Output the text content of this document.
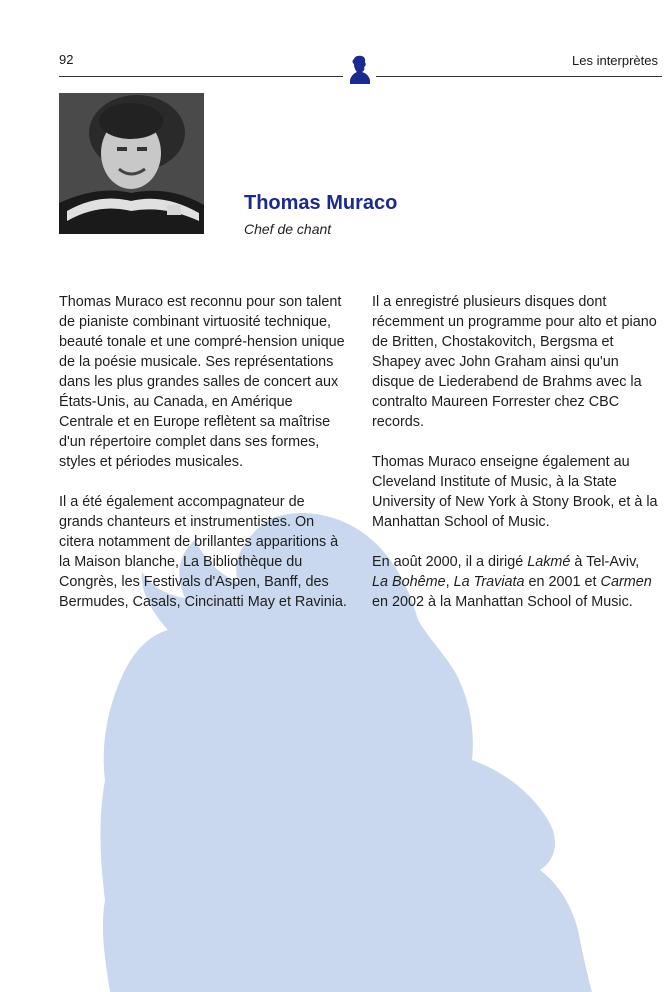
92	Les interprètes
Thomas Muraco

Chef de chant

Thomas Muraco est reconnu pour son talent de pianiste combinant virtuosité technique, beauté tonale et une compré-hension unique de la poésie musicale. Ses représentations dans les plus grandes salles de concert aux États-Unis, au Canada, en Amérique Centrale et en Europe reflètent sa maîtrise d'un répertoire complet dans ses formes, styles et périodes musicales.

Il a été également accompagnateur de grands chanteurs et instrumentistes. On citera notamment de brillantes apparitions à la Maison blanche, La Bibliothèque du Congrès, les Festivals d'Aspen, Banff, des Bermudes, Casals, Cincinatti May et Ravinia.

Il a enregistré plusieurs disques dont récemment un programme pour alto et piano de Britten, Chostakovitch, Bergsma et Shapey avec John Graham ainsi qu'un disque de Liederabend de Brahms avec la contralto Maureen Forrester chez CBC records.

Thomas Muraco enseigne également au Cleveland Institute of Music, à la State University of New York à Stony Brook, et à la Manhattan School of Music.

En août 2000, il a dirigé Lakmé à Tel-Aviv, La Bohême, La Traviata en 2001 et Carmen en 2002 à la Manhattan School of Music.
